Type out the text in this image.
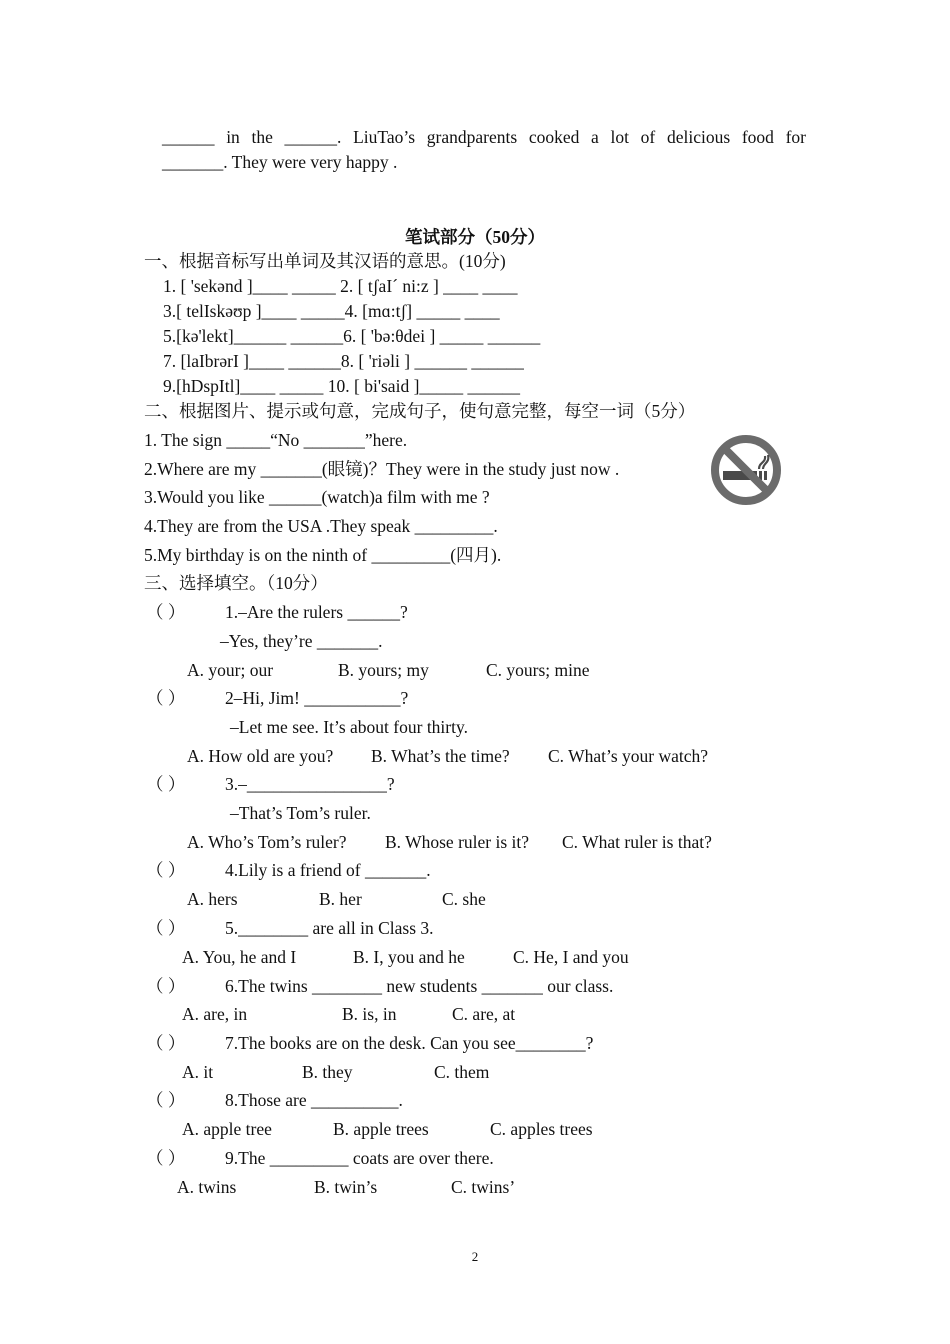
______ in the ______. LiuTao’s grandparents cooked a lot of delicious food for
_______. They were very happy .
笔试部分（50分）
一、根据音标写出单词及其汉语的意思。(10分)
1. [ 'sekənd ]____ _____ 2. [ tʃaIˊ ni:z ] ____ ____
3.[ telIskəʊp ]____ _____4. [mɑ:tʃ] _____ ____
5.[kə'lekt]______ ______6. [ 'bə:θdei ] _____ ______
7. [laIbrərI ]____ ______8. [ 'riəli ] ______ ______
9.[hDspItl]____ _____ 10. [ bi'said ]_____ ______
二、根据图片、提示或句意，完成句子，使句意完整，每空一词（5分）
1. The sign _____“No _______”here.
2.Where are my _______(眼镜)？They were in the study just now .
3.Would you like ______(watch)a film with me ?
4.They are from the USA .They speak _________.
5.My birthday is on the ninth of _________(四月).
三、选择填空。（10分）
（ ） 1.–Are the rulers ______?
–Yes, they’re _______.
A. your; our	B. yours; my	C. yours; mine
（ ） 2–Hi, Jim! ___________?
–Let me see. It’s about four thirty.
A. How old are you? B. What’s the time? C. What’s your watch?
（ ） 3.–________________?
–That’s Tom’s ruler.
A. Who’s Tom’s ruler? B. Whose ruler is it? C. What ruler is that?
（ ） 4.Lily is a friend of _______.
A. hers	B. her	C. she
（ ） 5.________ are all in Class 3.
A. You, he and I	B. I, you and he	C. He, I and you
（ ） 6.The twins ________ new students _______ our class.
A. are, in	B. is, in	C. are, at
（ ） 7.The books are on the desk. Can you see________?
A. it	B. they	C. them
（ ） 8.Those are __________.
A. apple tree	B. apple trees	C. apples trees
（ ） 9.The _________ coats are over there.
A. twins	B. twin’s	C. twins’
2
